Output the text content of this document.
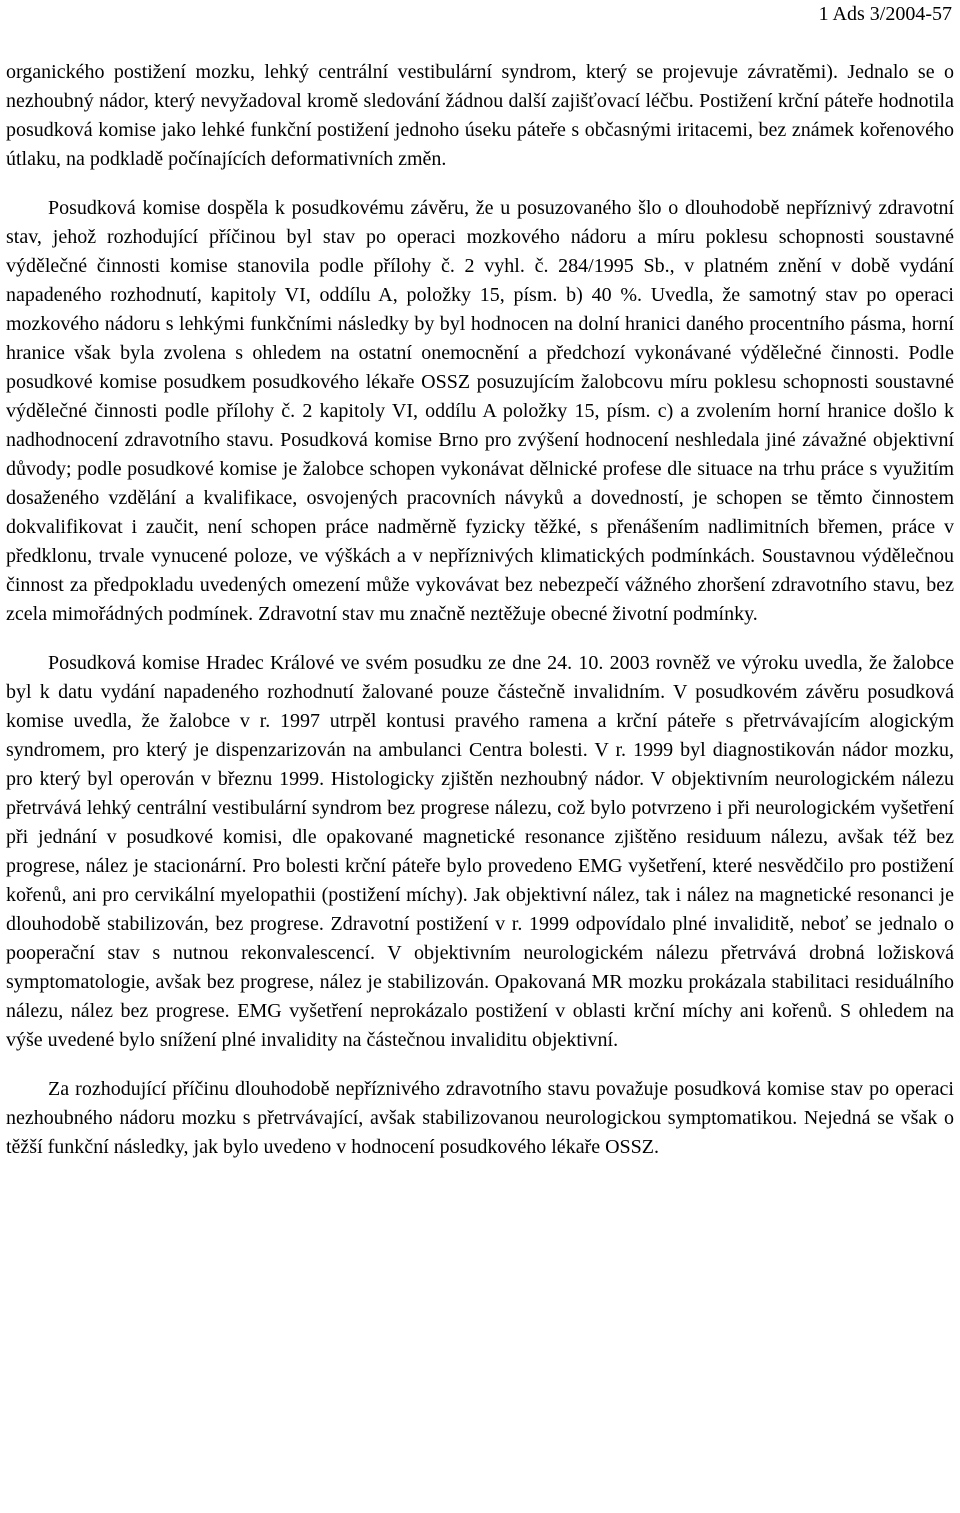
1 Ads 3/2004-57

organického postižení mozku, lehký centrální vestibulární syndrom, který se projevuje závratěmi). Jednalo se o nezhoubný nádor, který nevyžadoval kromě sledování žádnou další zajišťovací léčbu. Postižení krční páteře hodnotila posudková komise jako lehké funkční postižení jednoho úseku páteře s občasnými iritacemi, bez známek kořenového útlaku, na podkladě počínajících deformativních změn.

Posudková komise dospěla k posudkovému závěru, že u posuzovaného šlo o dlouhodobě nepříznivý zdravotní stav, jehož rozhodující příčinou byl stav po operaci mozkového nádoru a míru poklesu schopnosti soustavné výdělečné činnosti komise stanovila podle přílohy č. 2 vyhl. č. 284/1995 Sb., v platném znění v době vydání napadeného rozhodnutí, kapitoly VI, oddílu A, položky 15, písm. b) 40 %. Uvedla, že samotný stav po operaci mozkového nádoru s lehkými funkčními následky by byl hodnocen na dolní hranici daného procentního pásma, horní hranice však byla zvolena s ohledem na ostatní onemocnění a předchozí vykonávané výdělečné činnosti. Podle posudkové komise posudkem posudkového lékaře OSSZ posuzujícím žalobcovu míru poklesu schopnosti soustavné výdělečné činnosti podle přílohy č. 2 kapitoly VI, oddílu A položky 15, písm. c) a zvolením horní hranice došlo k nadhodnocení zdravotního stavu. Posudková komise Brno pro zvýšení hodnocení neshledala jiné závažné objektivní důvody; podle posudkové komise je žalobce schopen vykonávat dělnické profese dle situace na trhu práce s využitím dosaženého vzdělání a kvalifikace, osvojených pracovních návyků a dovedností, je schopen se těmto činnostem dokvalifikovat i zaučit, není schopen práce nadměrně fyzicky těžké, s přenášením nadlimitních břemen, práce v předklonu, trvale vynucené poloze, ve výškách a v nepříznivých klimatických podmínkách. Soustavnou výdělečnou činnost za předpokladu uvedených omezení může vykovávat bez nebezpečí vážného zhoršení zdravotního stavu, bez zcela mimořádných podmínek. Zdravotní stav mu značně neztěžuje obecné životní podmínky.

Posudková komise Hradec Králové ve svém posudku ze dne 24. 10. 2003 rovněž ve výroku uvedla, že žalobce byl k datu vydání napadeného rozhodnutí žalované pouze částečně invalidním. V posudkovém závěru posudková komise uvedla, že žalobce v r. 1997 utrpěl kontusi pravého ramena a krční páteře s přetrvávajícím alogickým syndromem, pro který je dispenzarizován na ambulanci Centra bolesti. V r. 1999 byl diagnostikován nádor mozku, pro který byl operován v březnu 1999. Histologicky zjištěn nezhoubný nádor. V objektivním neurologickém nálezu přetrvává lehký centrální vestibulární syndrom bez progrese nálezu, což bylo potvrzeno i při neurologickém vyšetření při jednání v posudkové komisi, dle opakované magnetické resonance zjištěno residuum nálezu, avšak též bez progrese, nález je stacionární. Pro bolesti krční páteře bylo provedeno EMG vyšetření, které nesvědčilo pro postižení kořenů, ani pro cervikální myelopathii (postižení míchy). Jak objektivní nález, tak i nález na magnetické resonanci je dlouhodobě stabilizován, bez progrese. Zdravotní postižení v r. 1999 odpovídalo plné invaliditě, neboť se jednalo o pooperační stav s nutnou rekonvalescencí. V objektivním neurologickém nálezu přetrvává drobná ložisková symptomatologie, avšak bez progrese, nález je stabilizován. Opakovaná MR mozku prokázala stabilitaci residuálního nálezu, nález bez progrese. EMG vyšetření neprokázalo postižení v oblasti krční míchy ani kořenů. S ohledem na výše uvedené bylo snížení plné invalidity na částečnou invaliditu objektivní.

Za rozhodující příčinu dlouhodobě nepříznivého zdravotního stavu považuje posudková komise stav po operaci nezhoubného nádoru mozku s přetrvávající, avšak stabilizovanou neurologickou symptomatikou. Nejedná se však o těžší funkční následky, jak bylo uvedeno v hodnocení posudkového lékaře OSSZ.
